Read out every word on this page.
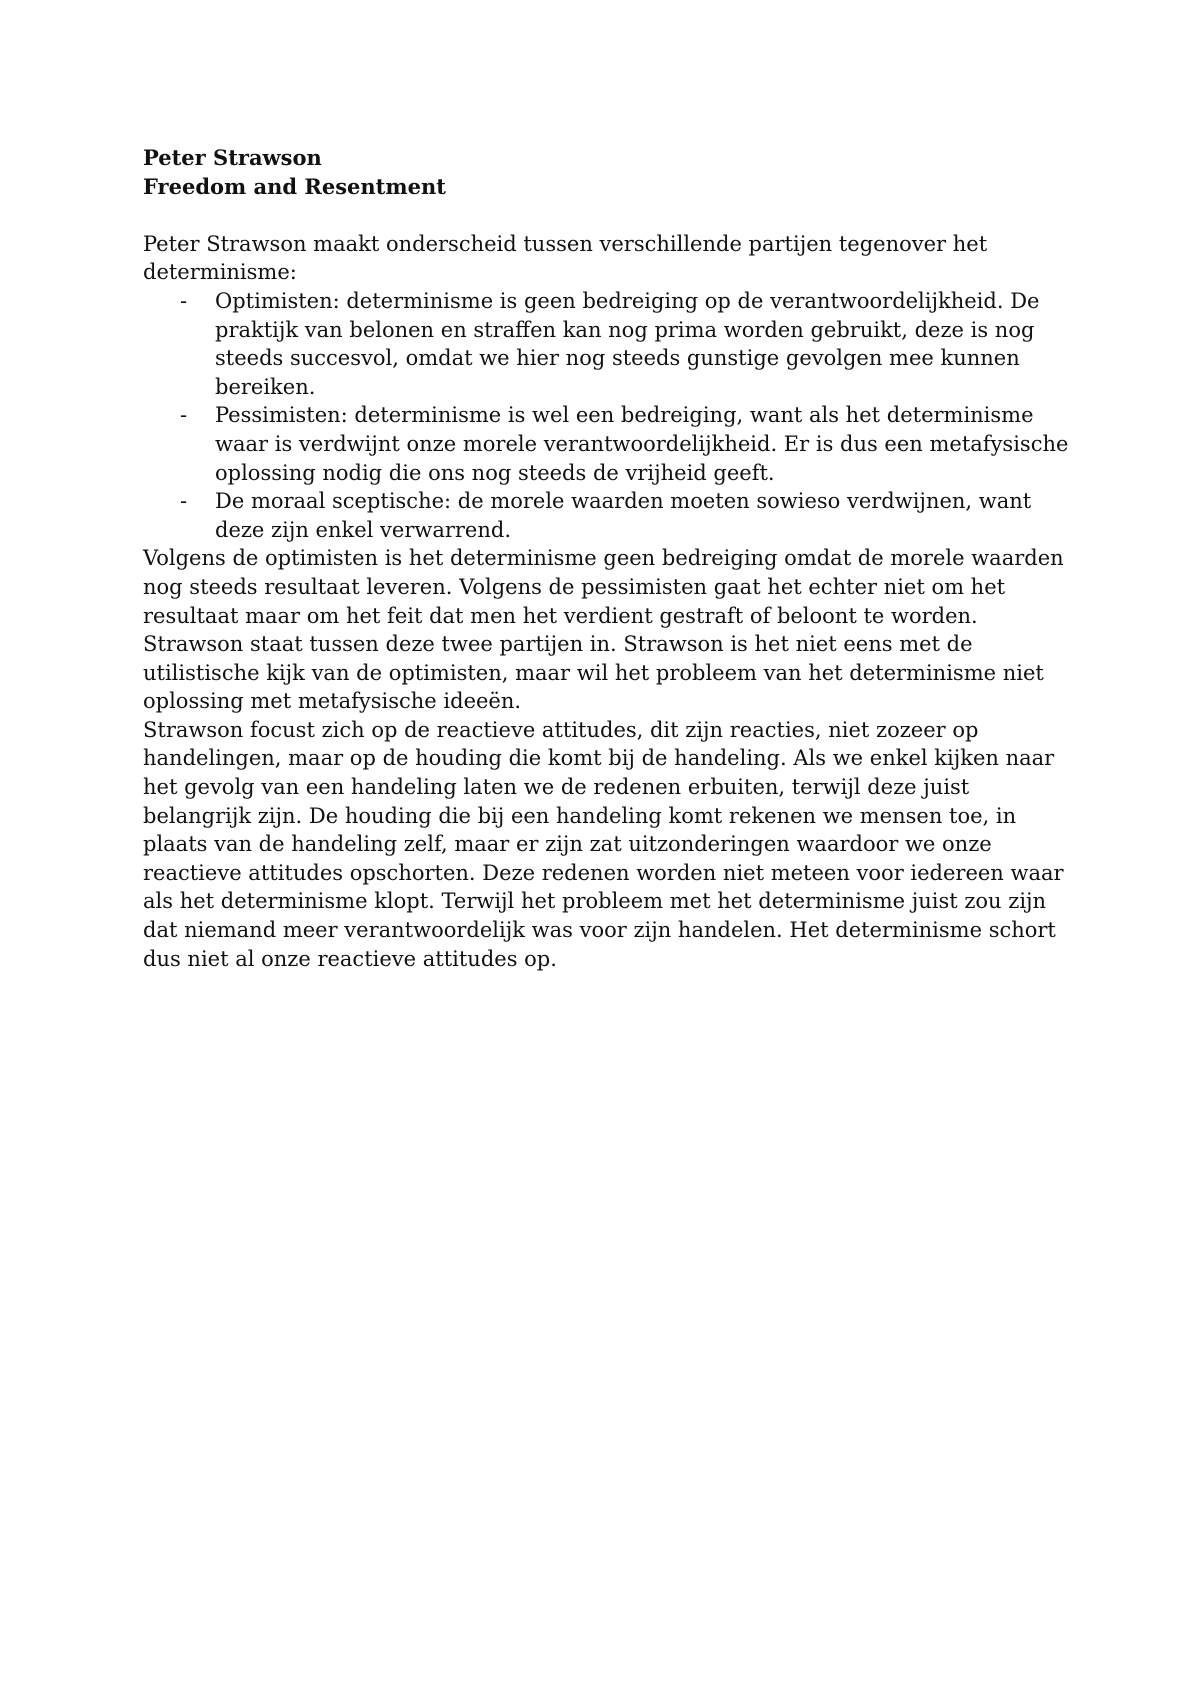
Peter Strawson
Freedom and Resentment

Peter Strawson maakt onderscheid tussen verschillende partijen tegenover het determinisme:

- Optimisten: determinisme is geen bedreiging op de verantwoordelijkheid. De praktijk van belonen en straffen kan nog prima worden gebruikt, deze is nog steeds succesvol, omdat we hier nog steeds gunstige gevolgen mee kunnen bereiken.
- Pessimisten: determinisme is wel een bedreiging, want als het determinisme waar is verdwijnt onze morele verantwoordelijkheid. Er is dus een metafysische oplossing nodig die ons nog steeds de vrijheid geeft.
- De moraal sceptische: de morele waarden moeten sowieso verdwijnen, want deze zijn enkel verwarrend.

Volgens de optimisten is het determinisme geen bedreiging omdat de morele waarden nog steeds resultaat leveren. Volgens de pessimisten gaat het echter niet om het resultaat maar om het feit dat men het verdient gestraft of beloont te worden.

Strawson staat tussen deze twee partijen in. Strawson is het niet eens met de utilistische kijk van de optimisten, maar wil het probleem van het determinisme niet oplossing met metafysische ideeën.

Strawson focust zich op de reactieve attitudes, dit zijn reacties, niet zozeer op handelingen, maar op de houding die komt bij de handeling. Als we enkel kijken naar het gevolg van een handeling laten we de redenen erbuiten, terwijl deze juist belangrijk zijn. De houding die bij een handeling komt rekenen we mensen toe, in plaats van de handeling zelf, maar er zijn zat uitzonderingen waardoor we onze reactieve attitudes opschorten. Deze redenen worden niet meteen voor iedereen waar als het determinisme klopt. Terwijl het probleem met het determinisme juist zou zijn dat niemand meer verantwoordelijk was voor zijn handelen. Het determinisme schort dus niet al onze reactieve attitudes op.
